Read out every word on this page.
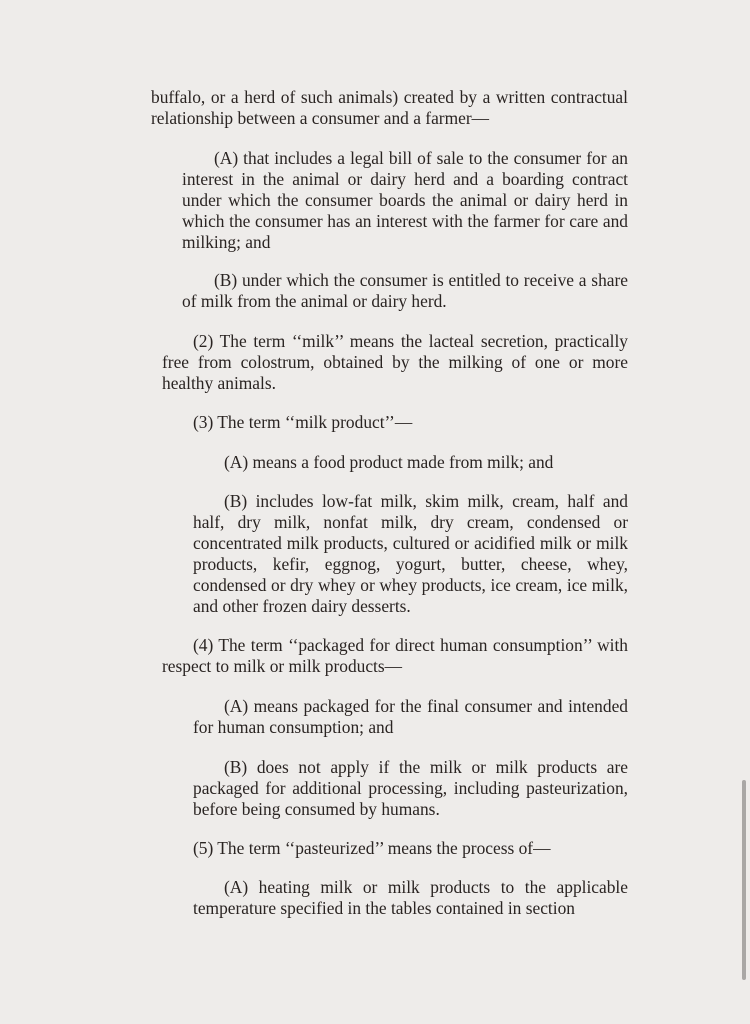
buffalo, or a herd of such animals) created by a written contractual relationship between a consumer and a farmer—

(A) that includes a legal bill of sale to the consumer for an interest in the animal or dairy herd and a boarding contract under which the consumer boards the animal or dairy herd in which the consumer has an interest with the farmer for care and milking; and

(B) under which the consumer is entitled to receive a share of milk from the animal or dairy herd.

(2) The term ‘‘milk’’ means the lacteal secretion, practically free from colostrum, obtained by the milking of one or more healthy animals.

(3) The term ‘‘milk product’’—

(A) means a food product made from milk; and

(B) includes low-fat milk, skim milk, cream, half and half, dry milk, nonfat milk, dry cream, condensed or concentrated milk products, cultured or acidified milk or milk products, kefir, eggnog, yogurt, butter, cheese, whey, condensed or dry whey or whey products, ice cream, ice milk, and other frozen dairy desserts.

(4) The term ‘‘packaged for direct human consumption’’ with respect to milk or milk products—

(A) means packaged for the final consumer and intended for human consumption; and

(B) does not apply if the milk or milk products are packaged for additional processing, including pasteurization, before being consumed by humans.

(5) The term ‘‘pasteurized’’ means the process of—

(A) heating milk or milk products to the applicable temperature specified in the tables contained in section
